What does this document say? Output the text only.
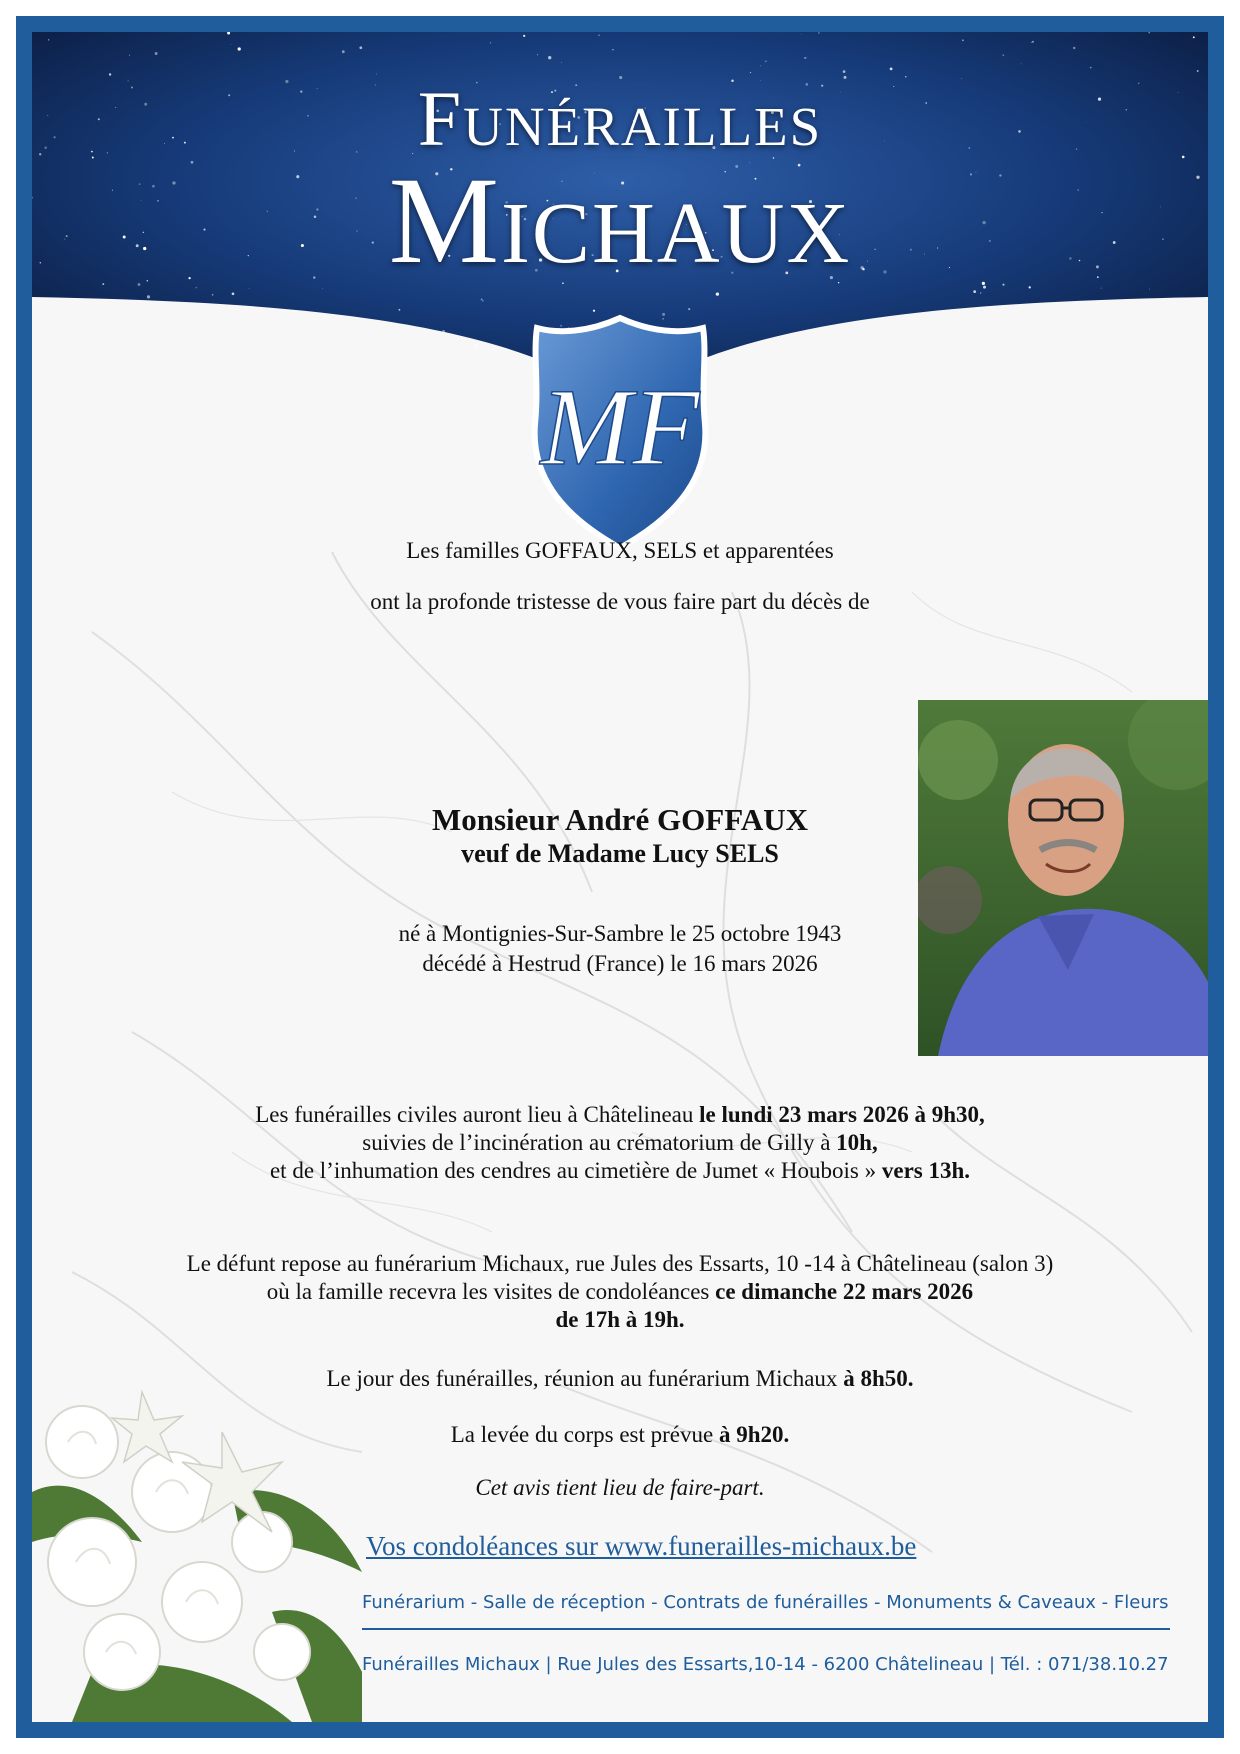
Funérailles
Michaux
MF
Les familles GOFFAUX, SELS et apparentées
ont la profonde tristesse de vous faire part du décès de
Monsieur André GOFFAUX
veuf de Madame Lucy SELS
né à Montignies-Sur-Sambre le 25 octobre 1943
décédé à Hestrud (France) le 16 mars 2026
Les funérailles civiles auront lieu à Châtelineau le lundi 23 mars 2026 à 9h30,
suivies de l’incinération au crématorium de Gilly à 10h,
et de l’inhumation des cendres au cimetière de Jumet « Houbois » vers 13h.
Le défunt repose au funérarium Michaux, rue Jules des Essarts, 10 -14 à Châtelineau (salon 3)
où la famille recevra les visites de condoléances ce dimanche 22 mars 2026
de 17h à 19h.
Le jour des funérailles, réunion au funérarium Michaux à 8h50.
La levée du corps est prévue à 9h20.
Cet avis tient lieu de faire-part.
Vos condoléances sur www.funerailles-michaux.be
Funérarium - Salle de réception - Contrats de funérailles - Monuments & Caveaux - Fleurs
Funérailles Michaux | Rue Jules des Essarts,10-14 - 6200 Châtelineau | Tél. : 071/38.10.27
